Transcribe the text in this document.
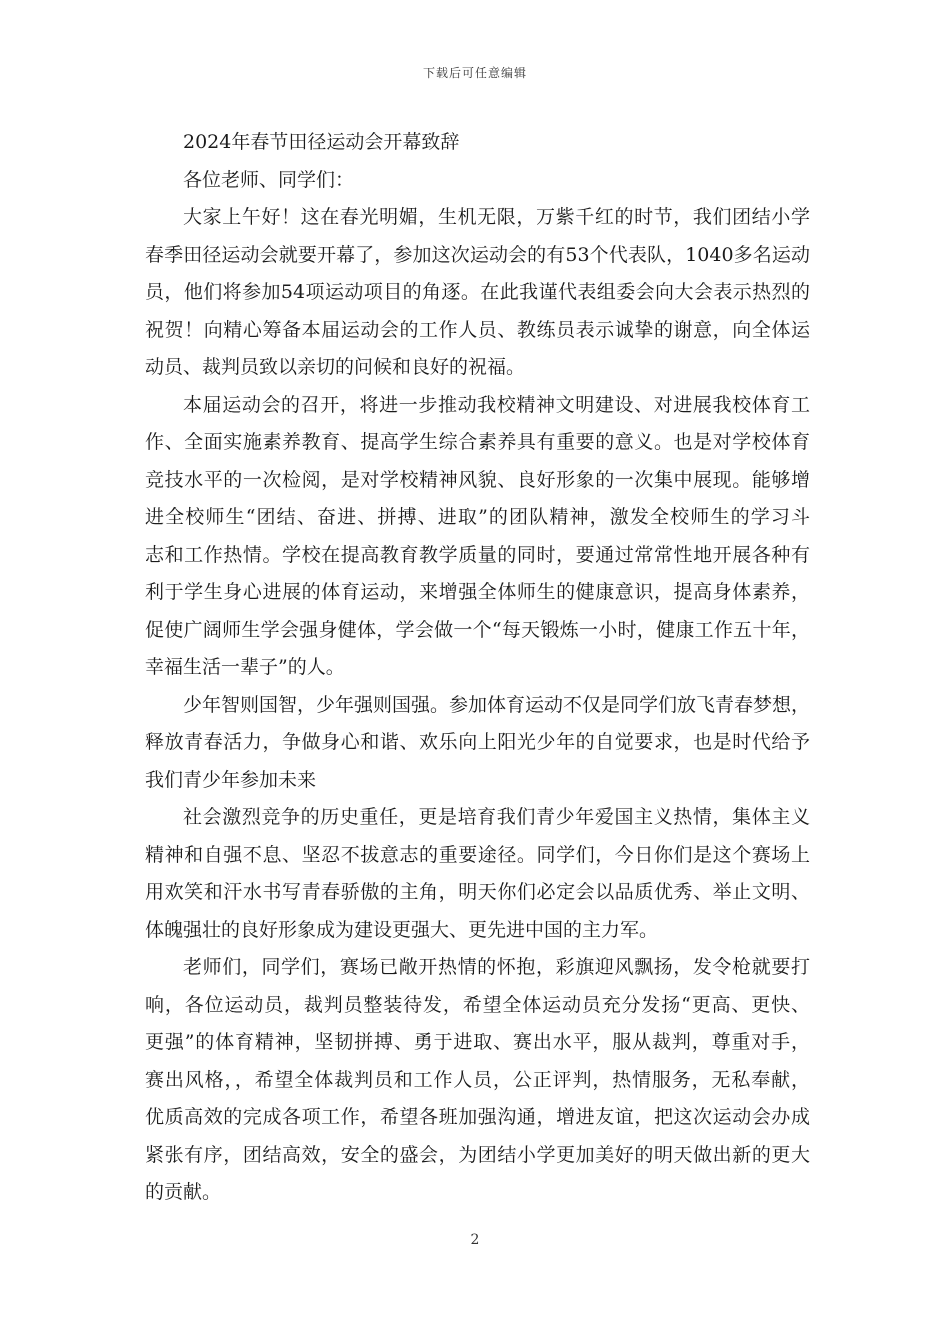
下载后可任意编辑
2024年春节田径运动会开幕致辞
各位老师、同学们：
大家上午好！这在春光明媚，生机无限，万紫千红的时节，我们团结小学
春季田径运动会就要开幕了，参加这次运动会的有53个代表队，1040多名运动
员，他们将参加54项运动项目的角逐。在此我谨代表组委会向大会表示热烈的
祝贺！向精心筹备本届运动会的工作人员、教练员表示诚挚的谢意，向全体运
动员、裁判员致以亲切的问候和良好的祝福。
本届运动会的召开，将进一步推动我校精神文明建设、对进展我校体育工
作、全面实施素养教育、提高学生综合素养具有重要的意义。也是对学校体育
竞技水平的一次检阅，是对学校精神风貌、良好形象的一次集中展现。能够增
进全校师生“团结、奋进、拼搏、进取”的团队精神，激发全校师生的学习斗
志和工作热情。学校在提高教育教学质量的同时，要通过常常性地开展各种有
利于学生身心进展的体育运动，来增强全体师生的健康意识，提高身体素养，
促使广阔师生学会强身健体，学会做一个“每天锻炼一小时，健康工作五十年，
幸福生活一辈子”的人。
少年智则国智，少年强则国强。参加体育运动不仅是同学们放飞青春梦想，
释放青春活力，争做身心和谐、欢乐向上阳光少年的自觉要求，也是时代给予
我们青少年参加未来
社会激烈竞争的历史重任，更是培育我们青少年爱国主义热情，集体主义
精神和自强不息、坚忍不拔意志的重要途径。同学们，今日你们是这个赛场上
用欢笑和汗水书写青春骄傲的主角，明天你们必定会以品质优秀、举止文明、
体魄强壮的良好形象成为建设更强大、更先进中国的主力军。
老师们，同学们，赛场已敞开热情的怀抱，彩旗迎风飘扬，发令枪就要打
响，各位运动员，裁判员整装待发，希望全体运动员充分发扬“更高、更快、
更强”的体育精神，坚韧拼搏、勇于进取、赛出水平，服从裁判，尊重对手，
赛出风格，，希望全体裁判员和工作人员，公正评判，热情服务，无私奉献，
优质高效的完成各项工作，希望各班加强沟通，增进友谊，把这次运动会办成
紧张有序，团结高效，安全的盛会，为团结小学更加美好的明天做出新的更大
的贡献。
2
